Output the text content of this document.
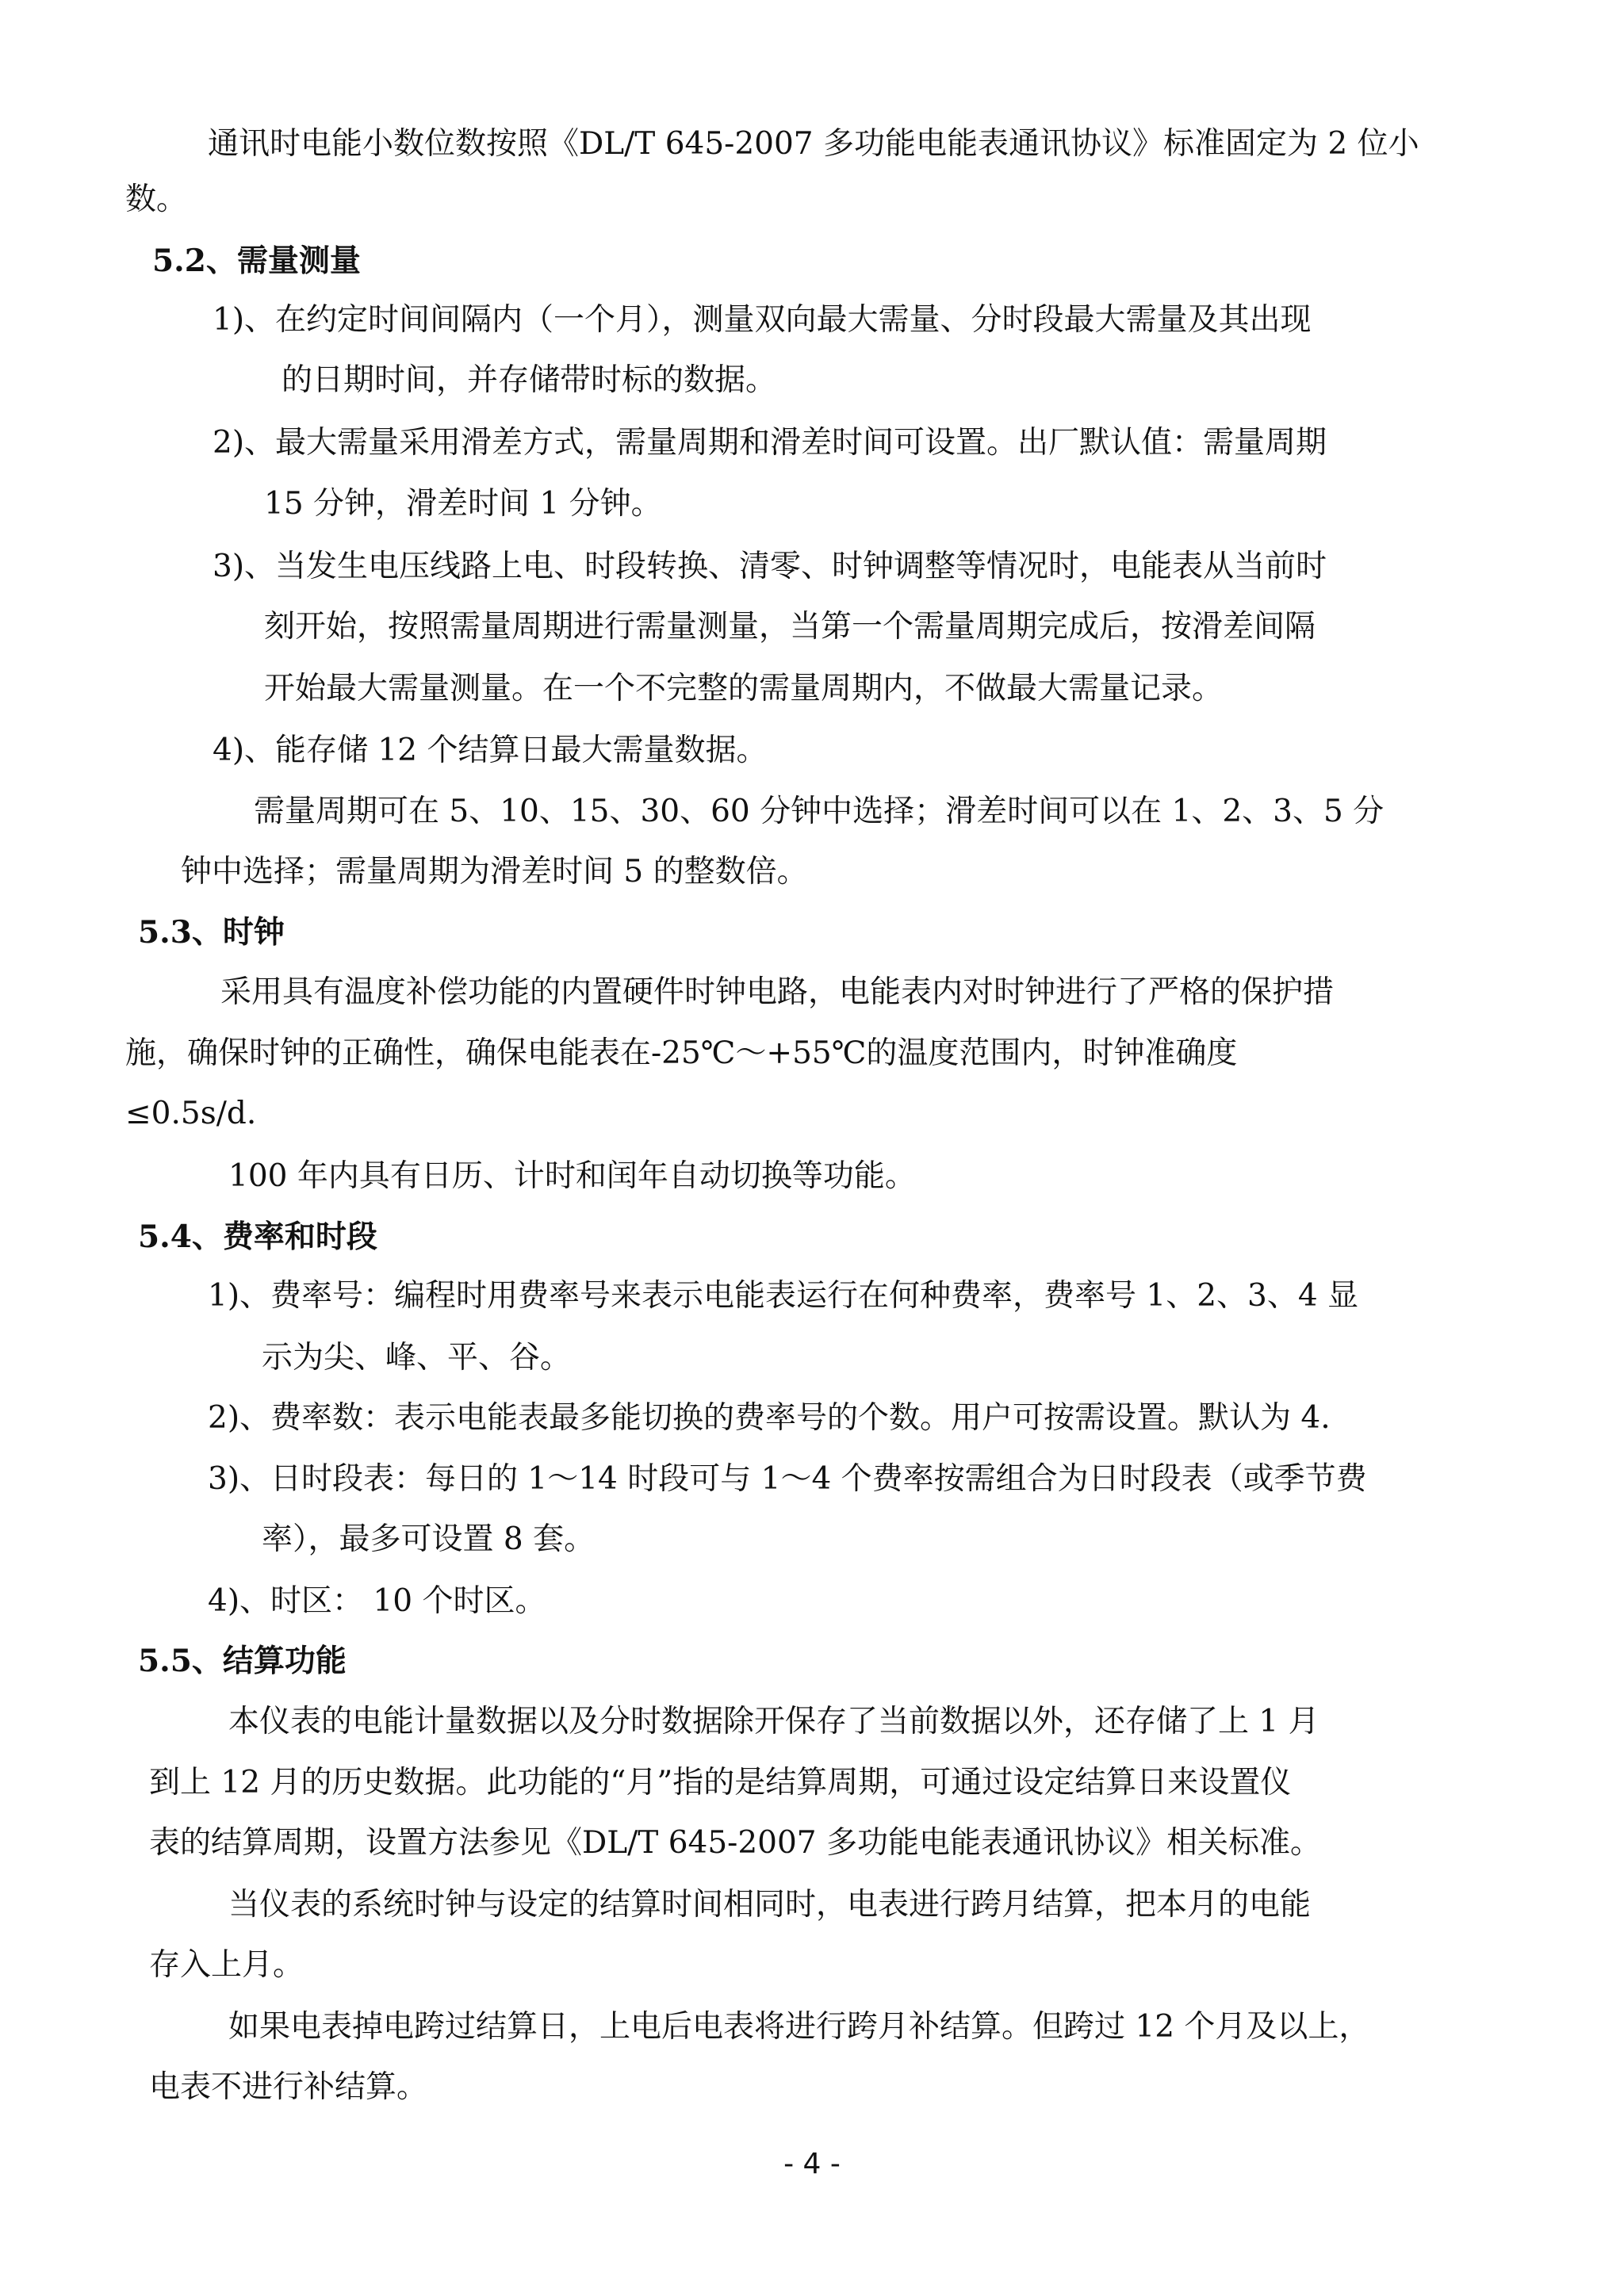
通讯时电能小数位数按照《DL/T 645-2007 多功能电能表通讯协议》标准固定为 2 位小
数。
5.2、需量测量
1)、在约定时间间隔内（一个月），测量双向最大需量、分时段最大需量及其出现
的日期时间，并存储带时标的数据。
2)、最大需量采用滑差方式，需量周期和滑差时间可设置。出厂默认值：需量周期
15 分钟，滑差时间 1 分钟。
3)、当发生电压线路上电、时段转换、清零、时钟调整等情况时，电能表从当前时
刻开始，按照需量周期进行需量测量，当第一个需量周期完成后，按滑差间隔
开始最大需量测量。在一个不完整的需量周期内，不做最大需量记录。
4)、能存储 12 个结算日最大需量数据。
需量周期可在 5、10、15、30、60 分钟中选择；滑差时间可以在 1、2、3、5 分
钟中选择；需量周期为滑差时间 5 的整数倍。
5.3、时钟
采用具有温度补偿功能的内置硬件时钟电路，电能表内对时钟进行了严格的保护措
施，确保时钟的正确性，确保电能表在-25℃～+55℃的温度范围内，时钟准确度
≤0.5s/d.
100 年内具有日历、计时和闰年自动切换等功能。
5.4、费率和时段
1)、费率号：编程时用费率号来表示电能表运行在何种费率，费率号 1、2、3、4 显
示为尖、峰、平、谷。
2)、费率数：表示电能表最多能切换的费率号的个数。用户可按需设置。默认为 4.
3)、日时段表：每日的 1～14 时段可与 1～4 个费率按需组合为日时段表（或季节费
率），最多可设置 8 套。
4)、时区： 10 个时区。
5.5、结算功能
本仪表的电能计量数据以及分时数据除开保存了当前数据以外，还存储了上 1 月
到上 12 月的历史数据。此功能的“月”指的是结算周期，可通过设定结算日来设置仪
表的结算周期，设置方法参见《DL/T 645-2007 多功能电能表通讯协议》相关标准。
当仪表的系统时钟与设定的结算时间相同时，电表进行跨月结算，把本月的电能
存入上月。
如果电表掉电跨过结算日，上电后电表将进行跨月补结算。但跨过 12 个月及以上，
电表不进行补结算。
- 4 -
